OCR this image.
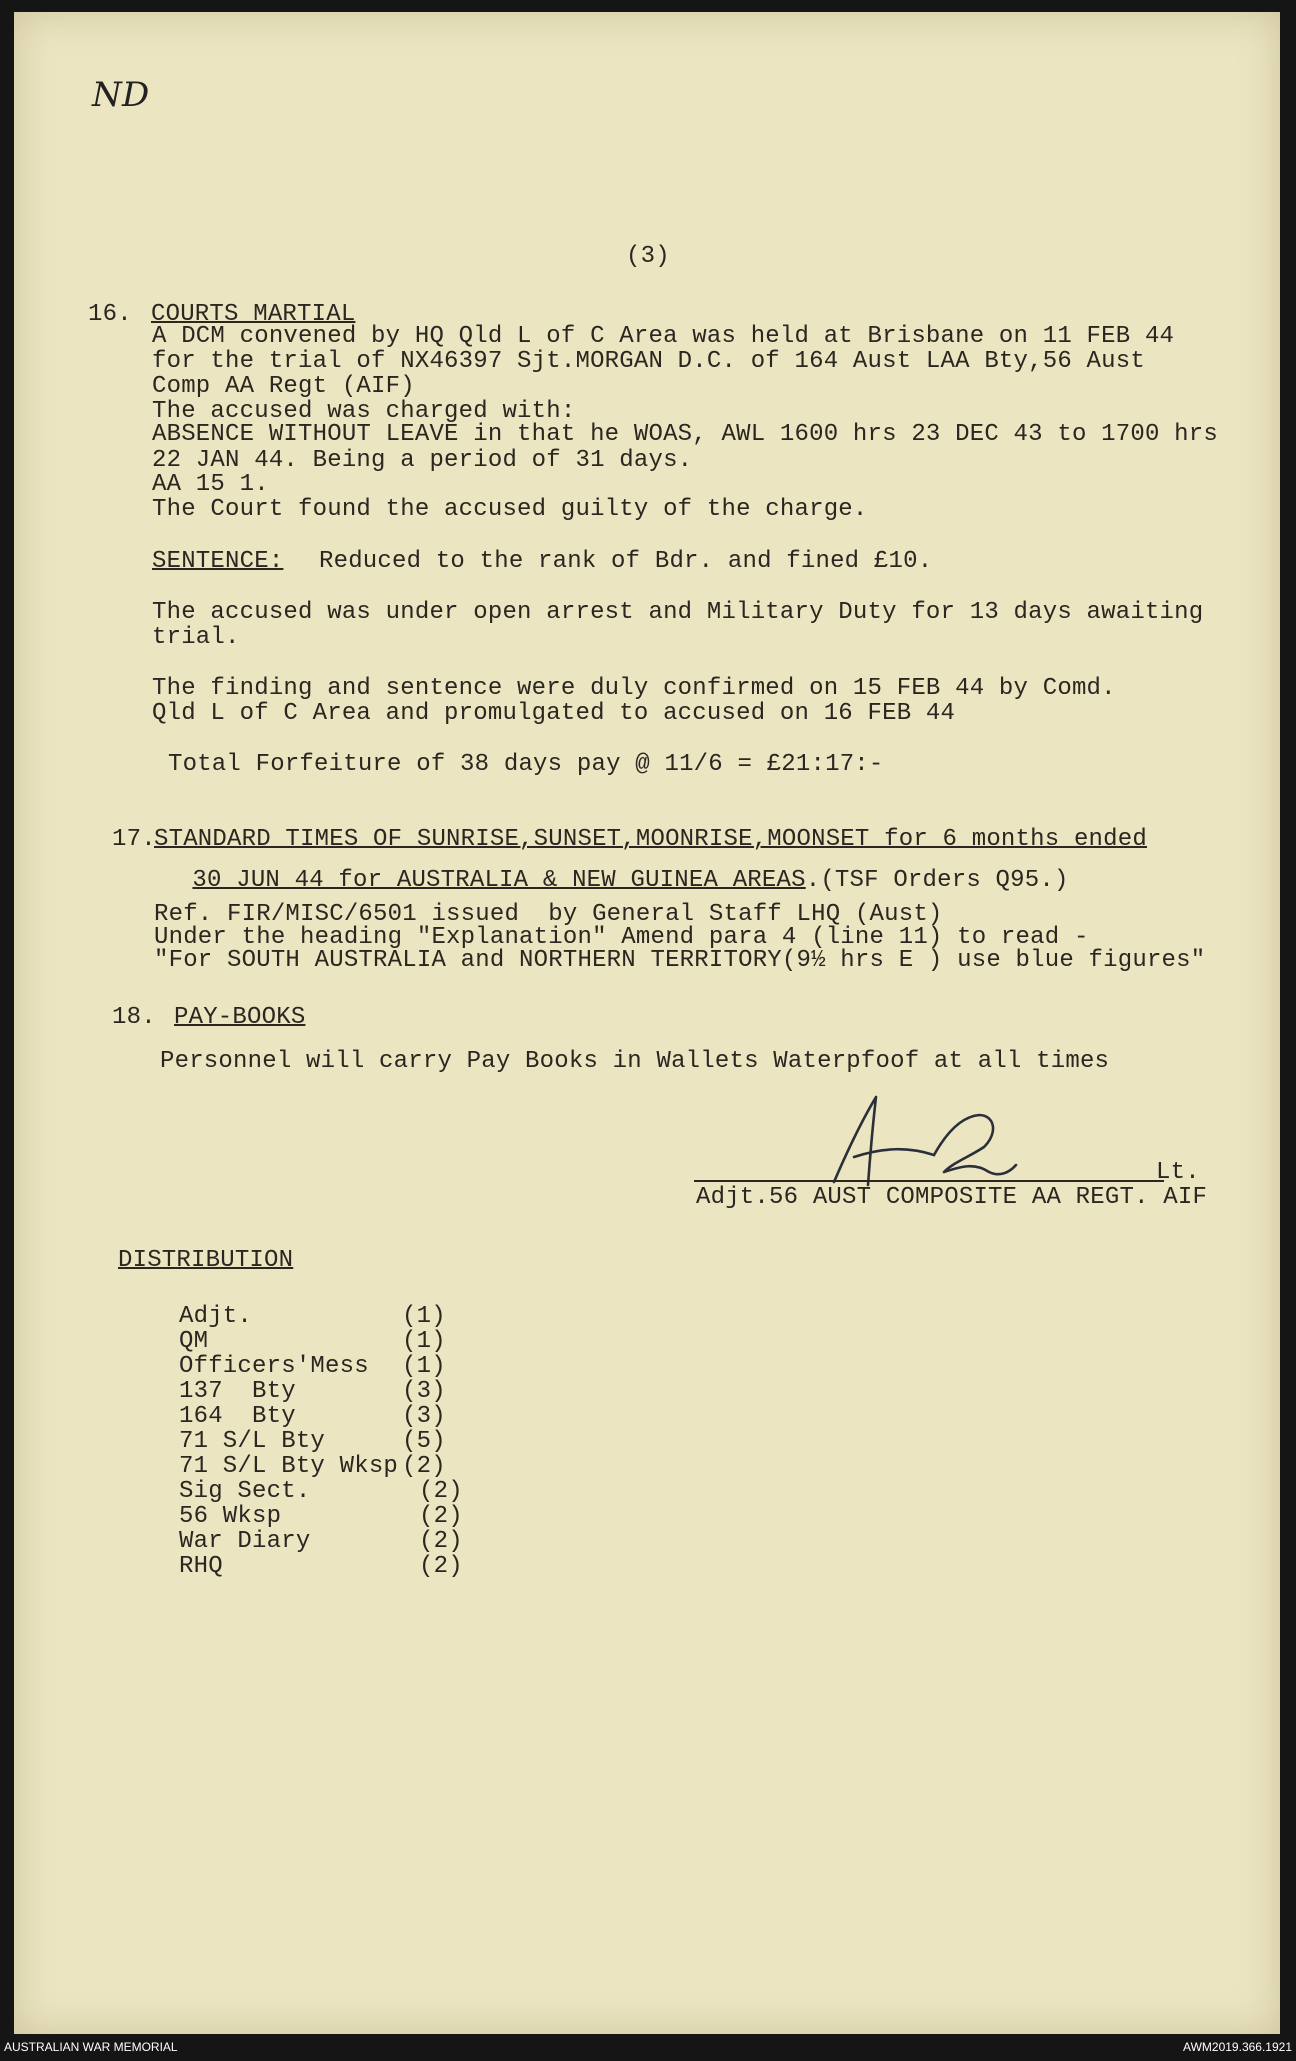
ND
(3)
16. COURTS MARTIAL
A DCM convened by HQ Qld L of C Area was held at Brisbane on 11 FEB 44
for the trial of NX46397 Sjt.MORGAN D.C. of 164 Aust LAA Bty,56 Aust
Comp AA Regt (AIF)
The accused was charged with:
ABSENCE WITHOUT LEAVE in that he WOAS, AWL 1600 hrs 23 DEC 43 to 1700 hrs
22 JAN 44. Being a period of 31 days.
AA 15 1.
The Court found the accused guilty of the charge.
SENTENCE: Reduced to the rank of Bdr. and fined £10.
The accused was under open arrest and Military Duty for 13 days awaiting
trial.
The finding and sentence were duly confirmed on 15 FEB 44 by Comd.
Qld L of C Area and promulgated to accused on 16 FEB 44
Total Forfeiture of 38 days pay @ 11/6 = £21:17:-
17.
STANDARD TIMES OF SUNRISE,SUNSET,MOONRISE,MOONSET for 6 months ended

30 JUN 44 for AUSTRALIA & NEW GUINEA AREAS.(TSF Orders Q95.)

Ref. FIR/MISC/6501 issued  by General Staff LHQ (Aust)
Under the heading "Explanation" Amend para 4 (line 11) to read -
"For SOUTH AUSTRALIA and NORTHERN TERRITORY(9½ hrs E ) use blue figures"
18. PAY-BOOKS
Personnel will carry Pay Books in Wallets Waterpfoof at all times
Lt.
Adjt.56 AUST COMPOSITE AA REGT. AIF
DISTRIBUTION
Adjt.	(1)
QM	(1)
Officers'Mess (1)
137  Bty	(3)
164  Bty	(3)
71 S/L Bty	(5)
71 S/L Bty Wksp (2)
Sig Sect.	(2)
56 Wksp	(2)
War Diary	(2)
RHQ	(2)
AUSTRALIAN WAR MEMORIAL	AWM2019.366.1921
